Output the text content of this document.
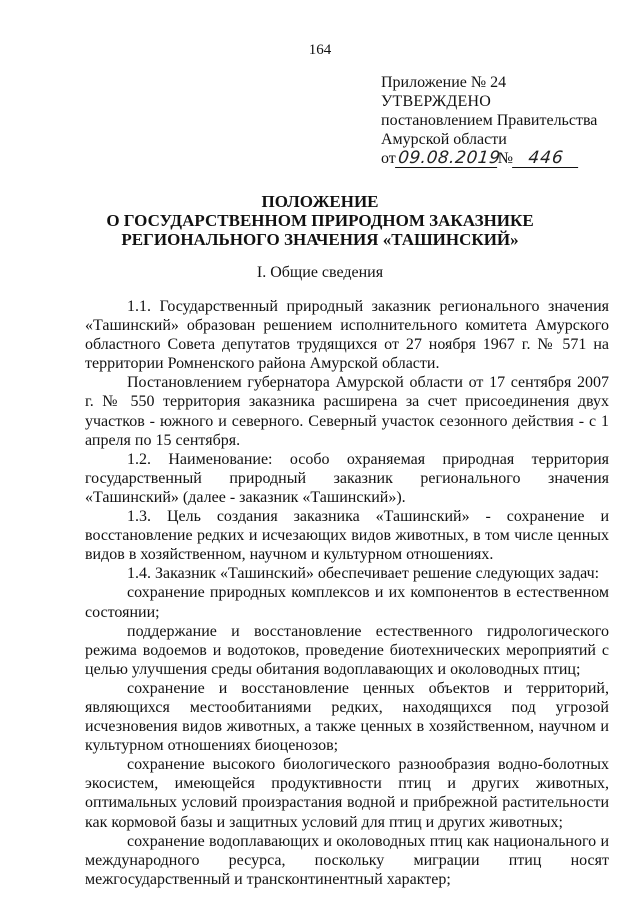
164
Приложение № 24
УТВЕРЖДЕНО
постановлением Правительства
Амурской области
от 09.08.2019
№ 446
ПОЛОЖЕНИЕ
О ГОСУДАРСТВЕННОМ ПРИРОДНОМ ЗАКАЗНИКЕ
РЕГИОНАЛЬНОГО ЗНАЧЕНИЯ «ТАШИНСКИЙ»
I. Общие сведения

1.1. Государственный природный заказник регионального значения «Ташинский» образован решением исполнительного комитета Амурского областного Совета депутатов трудящихся от 27 ноября 1967 г. № 571 на территории Ромненского района Амурской области.

Постановлением губернатора Амурской области от 17 сентября 2007 г. № 550 территория заказника расширена за счет присоединения двух участков - южного и северного. Северный участок сезонного действия - с 1 апреля по 15 сентября.

1.2. Наименование: особо охраняемая природная территория государственный природный заказник регионального значения «Ташинский» (далее - заказник «Ташинский»).

1.3. Цель создания заказника «Ташинский» - сохранение и восстановление редких и исчезающих видов животных, в том числе ценных видов в хозяйственном, научном и культурном отношениях.

1.4. Заказник «Ташинский» обеспечивает решение следующих задач:

сохранение природных комплексов и их компонентов в естественном состоянии;

поддержание и восстановление естественного гидрологического режима водоемов и водотоков, проведение биотехнических мероприятий с целью улучшения среды обитания водоплавающих и околоводных птиц;

сохранение и восстановление ценных объектов и территорий, являющихся местообитаниями редких, находящихся под угрозой исчезновения видов животных, а также ценных в хозяйственном, научном и культурном отношениях биоценозов;

сохранение высокого биологического разнообразия водно-болотных экосистем, имеющейся продуктивности птиц и других животных, оптимальных условий произрастания водной и прибрежной растительности как кормовой базы и защитных условий для птиц и других животных;

сохранение водоплавающих и околоводных птиц как национального и международного ресурса, поскольку миграции птиц носят межгосударственный и трансконтинентный характер;
